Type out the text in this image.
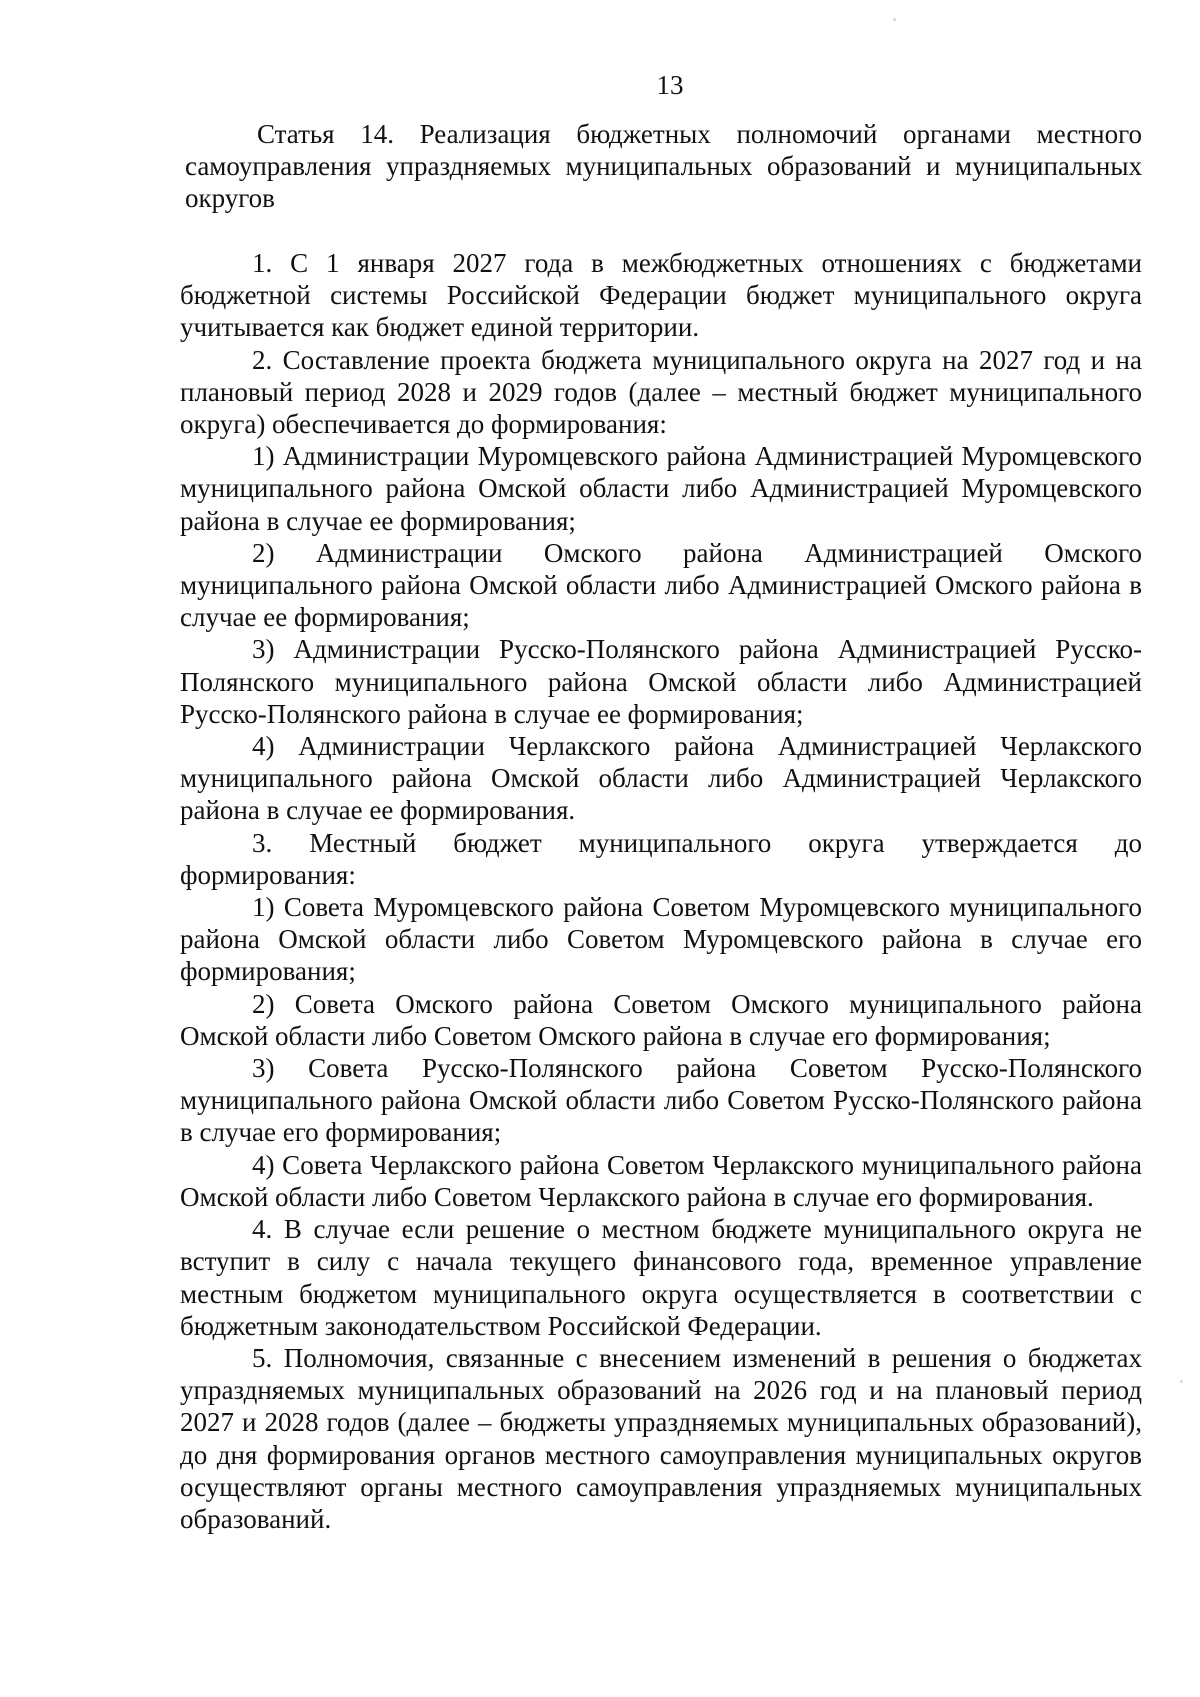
13

Статья 14. Реализация бюджетных полномочий органами местного самоуправления упраздняемых муниципальных образований и муниципальных округов

1. С 1 января 2027 года в межбюджетных отношениях с бюджетами бюджетной системы Российской Федерации бюджет муниципального округа учитывается как бюджет единой территории.

2. Составление проекта бюджета муниципального округа на 2027 год и на плановый период 2028 и 2029 годов (далее – местный бюджет муниципального округа) обеспечивается до формирования:

1) Администрации Муромцевского района Администрацией Муромцевского муниципального района Омской области либо Администрацией Муромцевского района в случае ее формирования;

2) Администрации Омского района Администрацией Омского муниципального района Омской области либо Администрацией Омского района в случае ее формирования;

3) Администрации Русско-Полянского района Администрацией Русско-Полянского муниципального района Омской области либо Администрацией Русско-Полянского района в случае ее формирования;

4) Администрации Черлакского района Администрацией Черлакского муниципального района Омской области либо Администрацией Черлакского района в случае ее формирования.

3. Местный бюджет муниципального округа утверждается до формирования:

1) Совета Муромцевского района Советом Муромцевского муниципального района Омской области либо Советом Муромцевского района в случае его формирования;

2) Совета Омского района Советом Омского муниципального района Омской области либо Советом Омского района в случае его формирования;

3) Совета Русско-Полянского района Советом Русско-Полянского муниципального района Омской области либо Советом Русско-Полянского района в случае его формирования;

4) Совета Черлакского района Советом Черлакского муниципального района Омской области либо Советом Черлакского района в случае его формирования.

4. В случае если решение о местном бюджете муниципального округа не вступит в силу с начала текущего финансового года, временное управление местным бюджетом муниципального округа осуществляется в соответствии с бюджетным законодательством Российской Федерации.

5. Полномочия, связанные с внесением изменений в решения о бюджетах упраздняемых муниципальных образований на 2026 год и на плановый период 2027 и 2028 годов (далее – бюджеты упраздняемых муниципальных образований), до дня формирования органов местного самоуправления муниципальных округов осуществляют органы местного самоуправления упраздняемых муниципальных образований.
